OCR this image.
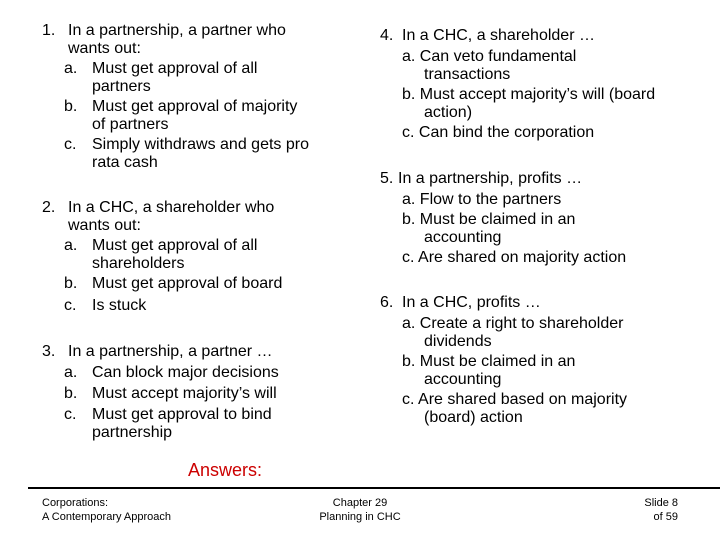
1. In a partnership, a partner who
wants out:
a. Must get approval of all
partners
b. Must get approval of majority
of partners
c. Simply withdraws and gets pro
rata cash
2. In a CHC, a shareholder who
wants out:
a. Must get approval of all
shareholders
b. Must get approval of board
c. Is stuck
3. In a partnership, a partner …
a. Can block major decisions
b. Must accept majority’s will
c. Must get approval to bind
partnership
4. In a CHC, a shareholder …
a. Can veto fundamental
transactions
b. Must accept majority’s will (board
action)
c. Can bind the corporation
5. In a partnership, profits …
a. Flow to the partners
b. Must be claimed in an
accounting
c. Are shared on majority action
6. In a CHC, profits …
a. Create a right to shareholder
dividends
b. Must be claimed in an
accounting
c. Are shared based on majority
(board) action
Answers:
Corporations:
A Contemporary Approach
Chapter 29
Planning in CHC
Slide 8
of 59
